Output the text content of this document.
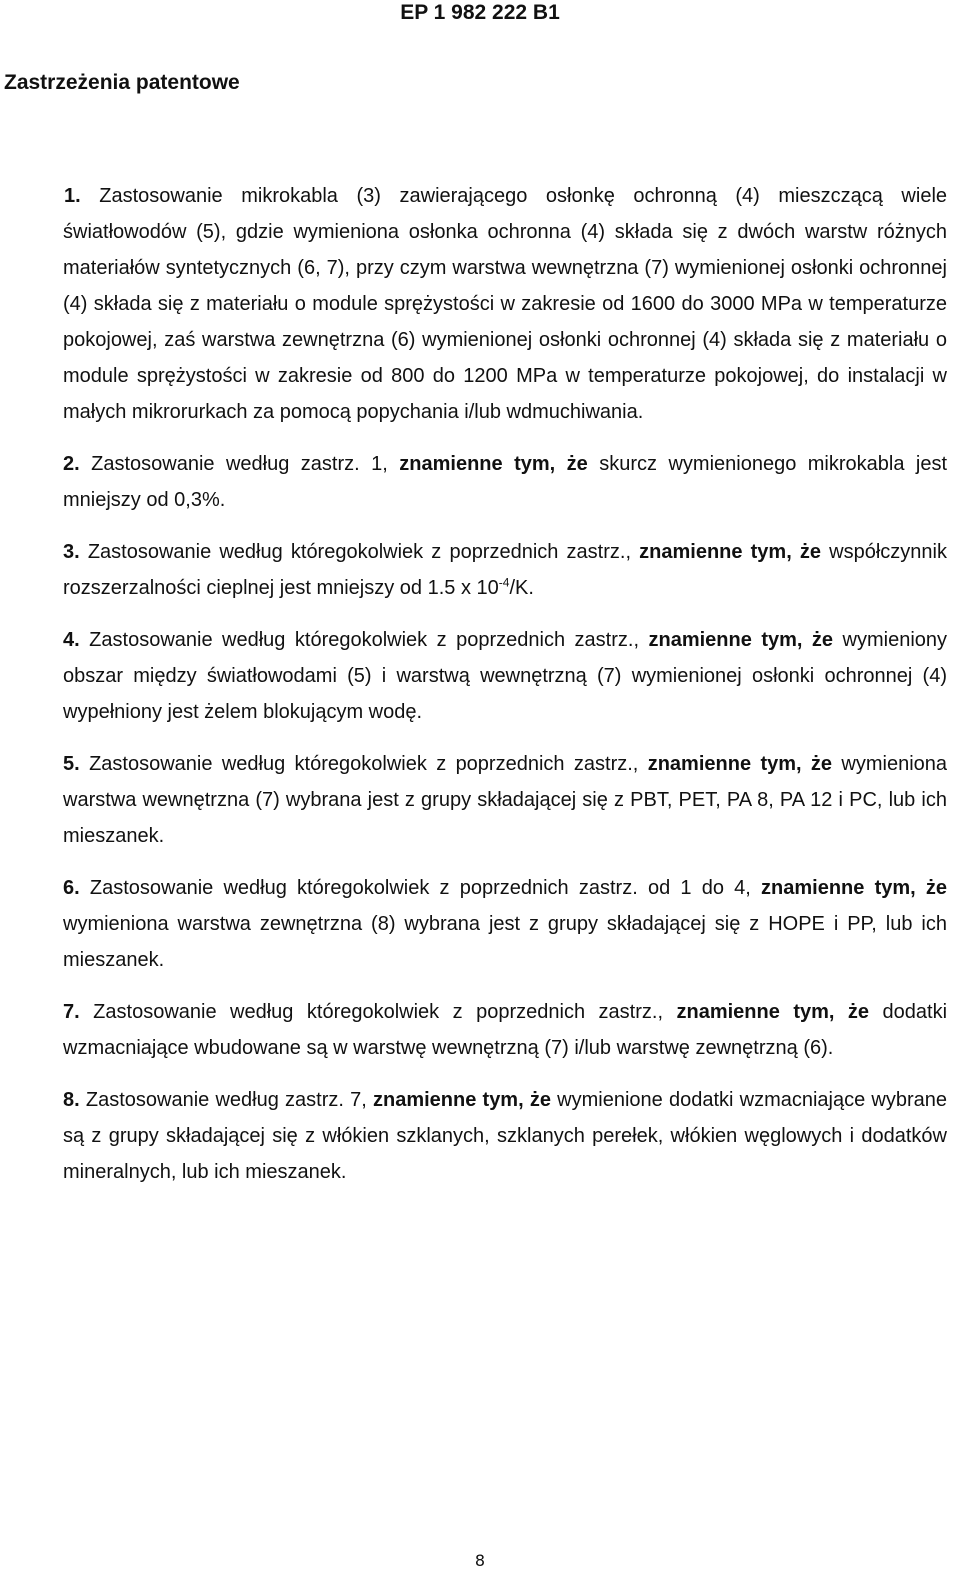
EP 1 982 222 B1
Zastrzeżenia patentowe

1. Zastosowanie mikrokabla (3) zawierającego osłonkę ochronną (4) mieszczącą wiele światłowodów (5), gdzie wymieniona osłonka ochronna (4) składa się z dwóch warstw różnych materiałów syntetycznych (6, 7), przy czym warstwa wewnętrzna (7) wymienionej osłonki ochronnej (4) składa się z materiału o module sprężystości w zakresie od 1600 do 3000 MPa w temperaturze pokojowej, zaś warstwa zewnętrzna (6) wymienionej osłonki ochronnej (4) składa się z materiału o module sprężystości w zakresie od 800 do 1200 MPa w temperaturze pokojowej, do instalacji w małych mikrorurkach za pomocą popychania i/lub wdmuchiwania.

2. Zastosowanie według zastrz. 1, znamienne tym, że skurcz wymienionego mikrokabla jest mniejszy od 0,3%.

3. Zastosowanie według któregokolwiek z poprzednich zastrz., znamienne tym, że współczynnik rozszerzalności cieplnej jest mniejszy od 1.5 x $10^{-4}/K$.

4. Zastosowanie według któregokolwiek z poprzednich zastrz., znamienne tym, że wymieniony obszar między światłowodami (5) i warstwą wewnętrzną (7) wymienionej osłonki ochronnej (4) wypełniony jest żelem blokującym wodę.

5. Zastosowanie według któregokolwiek z poprzednich zastrz., znamienne tym, że wymieniona warstwa wewnętrzna (7) wybrana jest z grupy składającej się z PBT, PET, PA 8, PA 12 i PC, lub ich mieszanek.

6. Zastosowanie według któregokolwiek z poprzednich zastrz. od 1 do 4, znamienne tym, że wymieniona warstwa zewnętrzna (8) wybrana jest z grupy składającej się z HOPE i PP, lub ich mieszanek.

7. Zastosowanie według któregokolwiek z poprzednich zastrz., znamienne tym, że dodatki wzmacniające wbudowane są w warstwę wewnętrzną (7) i/lub warstwę zewnętrzną (6).

8. Zastosowanie według zastrz. 7, znamienne tym, że wymienione dodatki wzmacniające wybrane są z grupy składającej się z włókien szklanych, szklanych perełek, włókien węglowych i dodatków mineralnych, lub ich mieszanek.

8
